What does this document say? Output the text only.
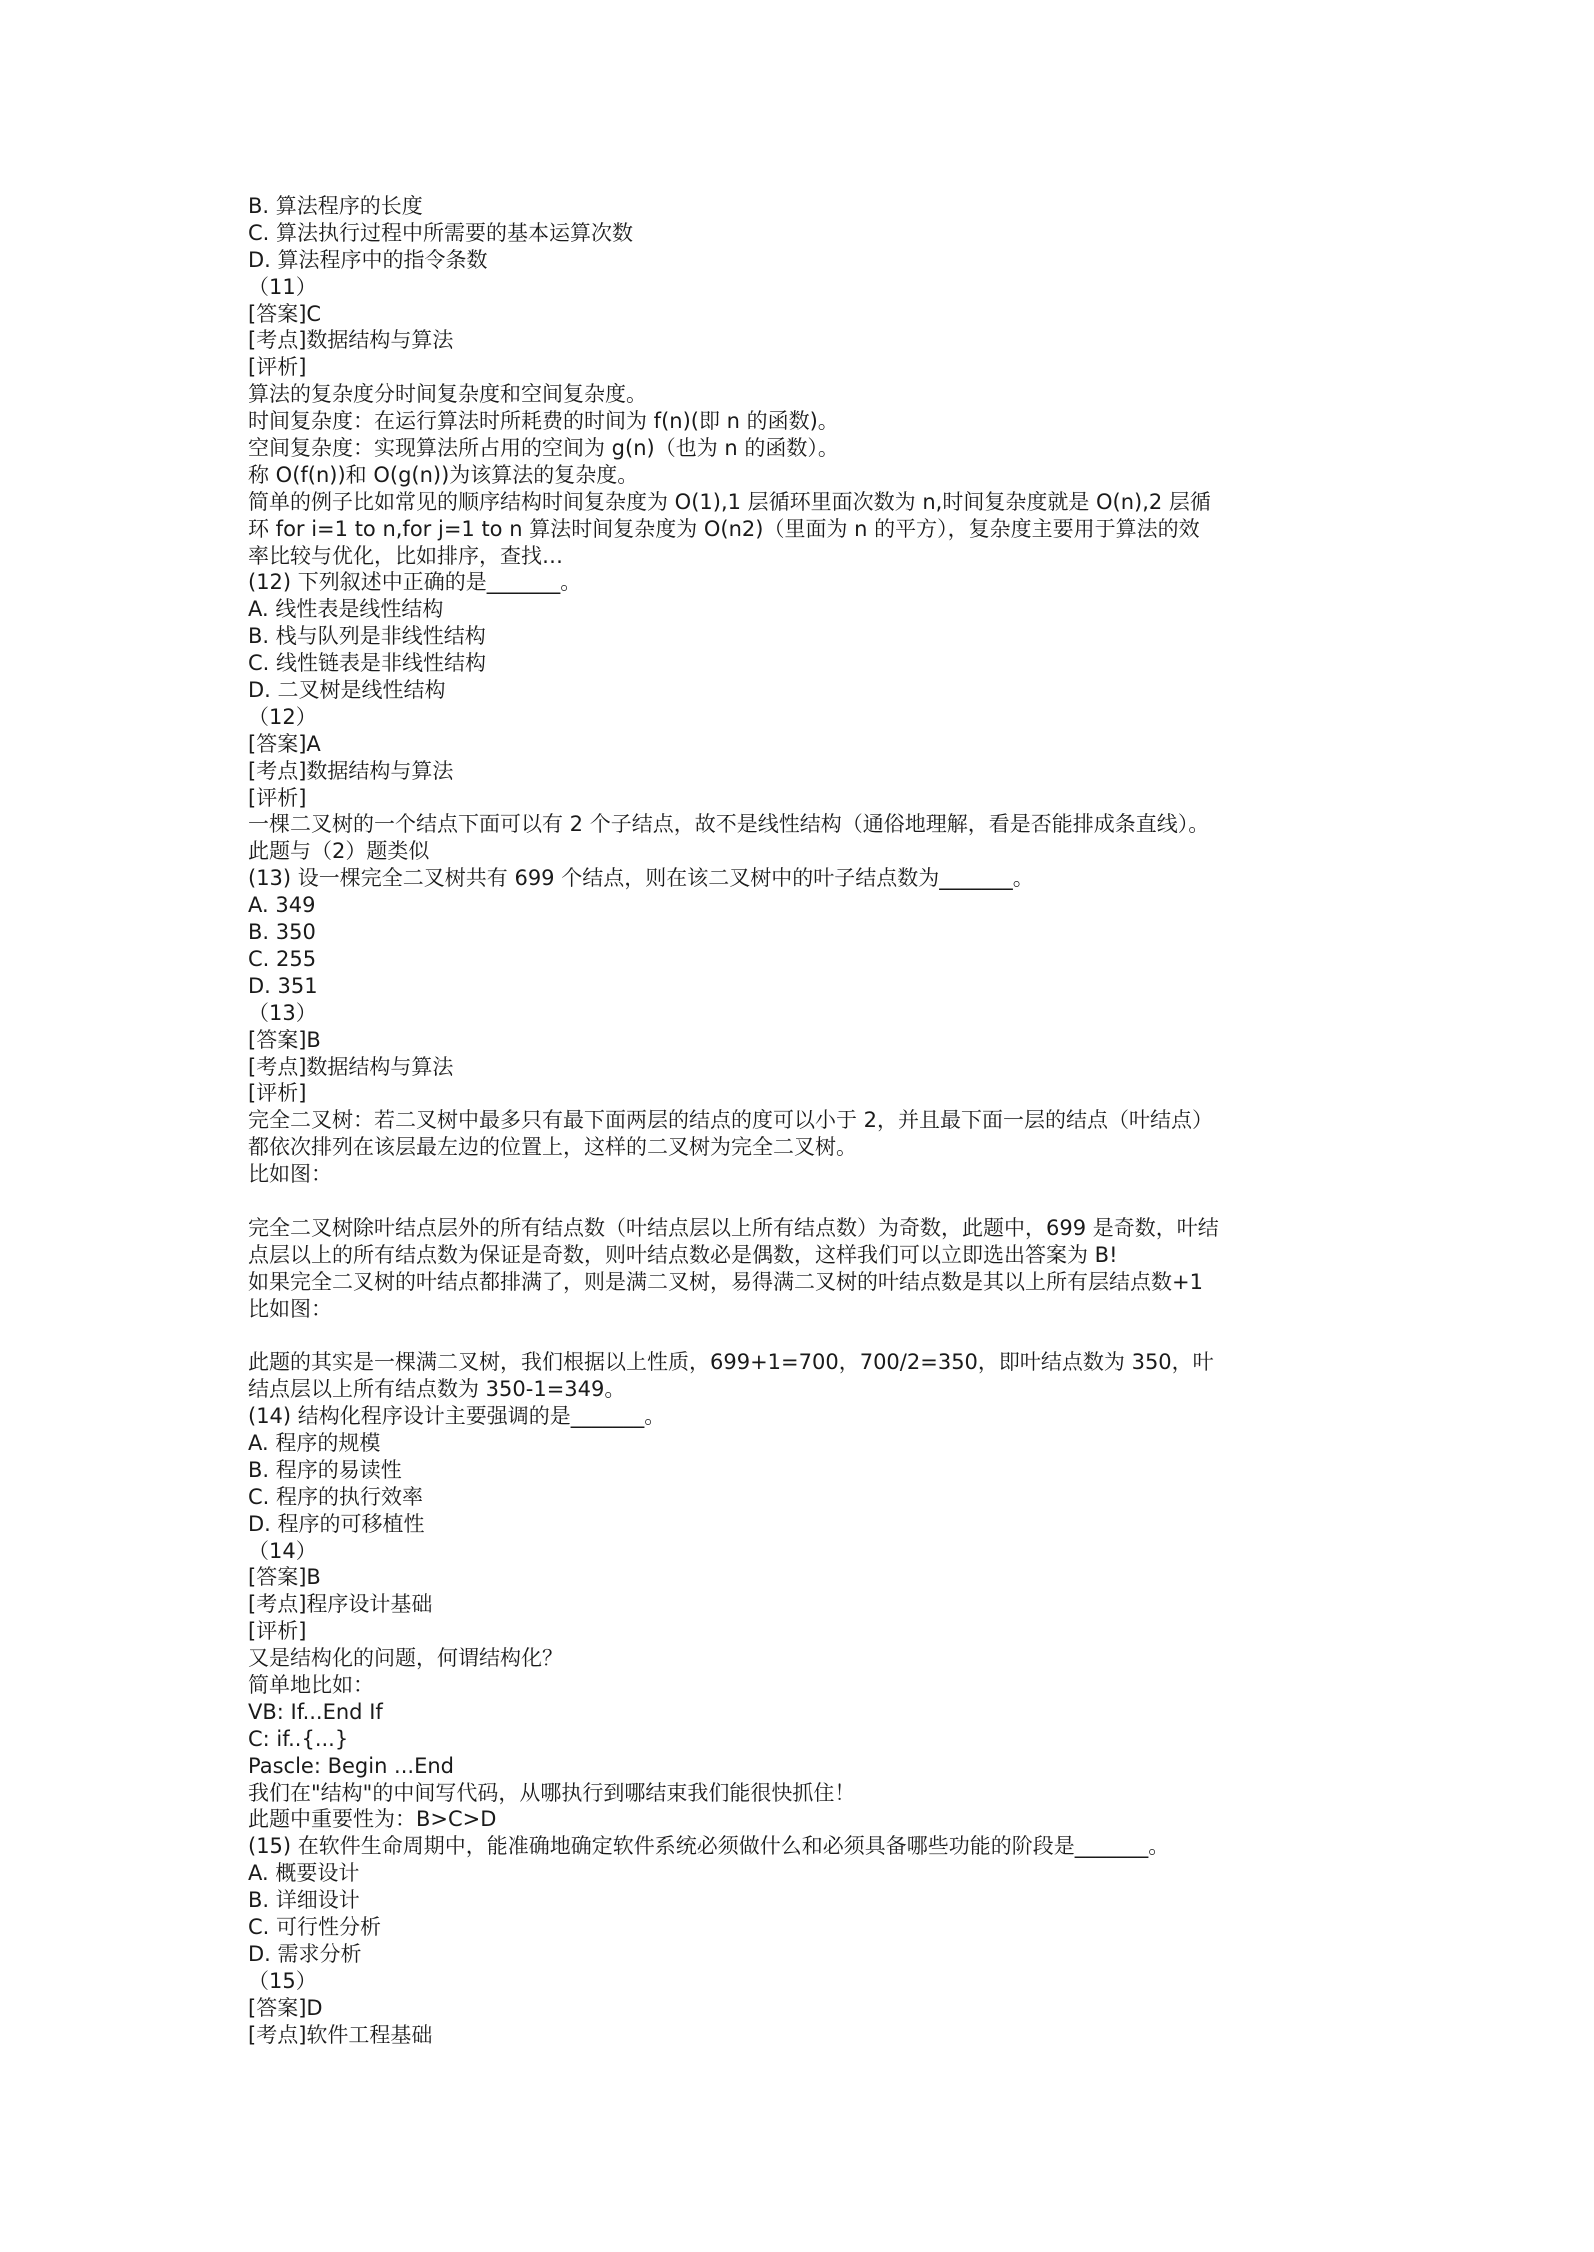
B. 算法程序的长度
C. 算法执行过程中所需要的基本运算次数
D. 算法程序中的指令条数
（11）
[答案]C
[考点]数据结构与算法
[评析]
算法的复杂度分时间复杂度和空间复杂度。
时间复杂度：在运行算法时所耗费的时间为 f(n)(即 n 的函数)。
空间复杂度：实现算法所占用的空间为 g(n)（也为 n 的函数）。
称 O(f(n))和 O(g(n))为该算法的复杂度。
简单的例子比如常见的顺序结构时间复杂度为 O(1),1 层循环里面次数为 n,时间复杂度就是 O(n),2 层循
环 for i=1 to n,for j=1 to n 算法时间复杂度为 O(n2)（里面为 n 的平方），复杂度主要用于算法的效
率比较与优化，比如排序，查找…
(12) 下列叙述中正确的是_______。
A. 线性表是线性结构
B. 栈与队列是非线性结构
C. 线性链表是非线性结构
D. 二叉树是线性结构
（12）
[答案]A
[考点]数据结构与算法
[评析]
一棵二叉树的一个结点下面可以有 2 个子结点，故不是线性结构（通俗地理解，看是否能排成条直线）。
此题与（2）题类似
(13) 设一棵完全二叉树共有 699 个结点，则在该二叉树中的叶子结点数为_______。
A. 349
B. 350
C. 255
D. 351
（13）
[答案]B
[考点]数据结构与算法
[评析]
完全二叉树：若二叉树中最多只有最下面两层的结点的度可以小于 2，并且最下面一层的结点（叶结点）
都依次排列在该层最左边的位置上，这样的二叉树为完全二叉树。
比如图：
完全二叉树除叶结点层外的所有结点数（叶结点层以上所有结点数）为奇数，此题中，699 是奇数，叶结
点层以上的所有结点数为保证是奇数，则叶结点数必是偶数，这样我们可以立即选出答案为 B!
如果完全二叉树的叶结点都排满了，则是满二叉树，易得满二叉树的叶结点数是其以上所有层结点数+1
比如图：
此题的其实是一棵满二叉树，我们根据以上性质，699+1=700，700/2=350，即叶结点数为 350，叶
结点层以上所有结点数为 350-1=349。
(14) 结构化程序设计主要强调的是_______。
A. 程序的规模
B. 程序的易读性
C. 程序的执行效率
D. 程序的可移植性
（14）
[答案]B
[考点]程序设计基础
[评析]
又是结构化的问题，何谓结构化？
简单地比如：
VB: If...End If
C: if..{...}
Pascle: Begin ...End
我们在"结构"的中间写代码，从哪执行到哪结束我们能很快抓住！
此题中重要性为：B>C>D
(15) 在软件生命周期中，能准确地确定软件系统必须做什么和必须具备哪些功能的阶段是_______。
A. 概要设计
B. 详细设计
C. 可行性分析
D. 需求分析
（15）
[答案]D
[考点]软件工程基础
